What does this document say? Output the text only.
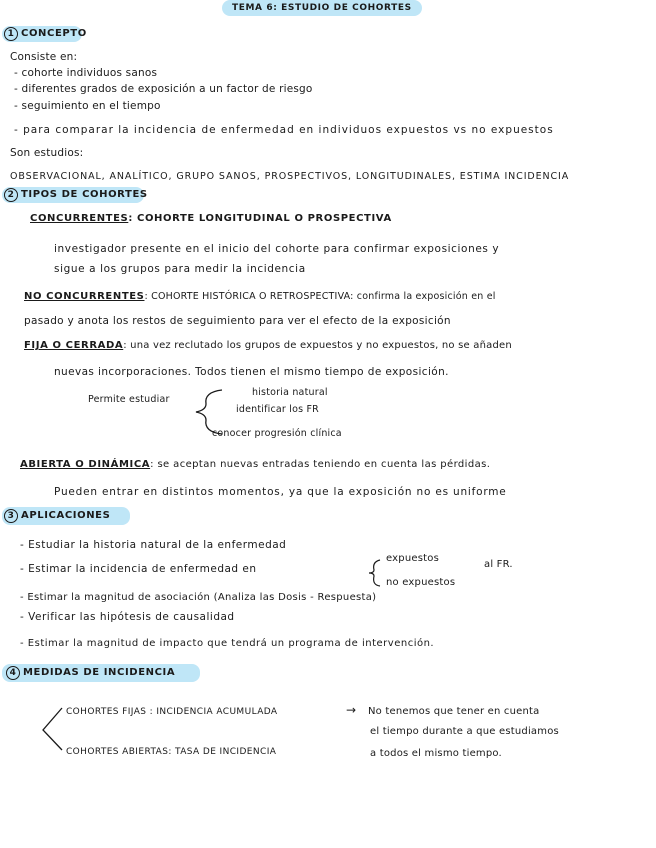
TEMA 6: ESTUDIO DE COHORTES
1 CONCEPTO
Consiste en:
- cohorte individuos sanos
- diferentes grados de exposición a un factor de riesgo
- seguimiento en el tiempo
- para comparar la incidencia de enfermedad en individuos expuestos vs no expuestos
Son estudios:
OBSERVACIONAL, ANALÍTICO, GRUPO SANOS, PROSPECTIVOS, LONGITUDINALES, ESTIMA INCIDENCIA
2 TIPOS DE COHORTES
CONCURRENTES: COHORTE LONGITUDINAL O PROSPECTIVA
investigador presente en el inicio del cohorte para confirmar exposiciones y
sigue a los grupos para medir la incidencia
NO CONCURRENTES: COHORTE HISTÓRICA O RETROSPECTIVA: confirma la exposición en el
pasado y anota los restos de seguimiento para ver el efecto de la exposición
FIJA O CERRADA: una vez reclutado los grupos de expuestos y no expuestos, no se añaden
nuevas incorporaciones. Todos tienen el mismo tiempo de exposición.
Permite estudiar
historia natural
identificar los FR
conocer progresión clínica
ABIERTA O DINÁMICA: se aceptan nuevas entradas teniendo en cuenta las pérdidas.
Pueden entrar en distintos momentos, ya que la exposición no es uniforme
3 APLICACIONES
- Estudiar la historia natural de la enfermedad
- Estimar la incidencia de enfermedad en
expuestos
no expuestos
al FR.
- Estimar la magnitud de asociación (Analiza las Dosis - Respuesta)
- Verificar las hipótesis de causalidad
- Estimar la magnitud de impacto que tendrá un programa de intervención.
4 MEDIDAS DE INCIDENCIA
COHORTES FIJAS : INCIDENCIA ACUMULADA	→ No tenemos que tener en cuenta
el tiempo durante a que estudiamos
COHORTES ABIERTAS: TASA DE INCIDENCIA	a todos el mismo tiempo.
